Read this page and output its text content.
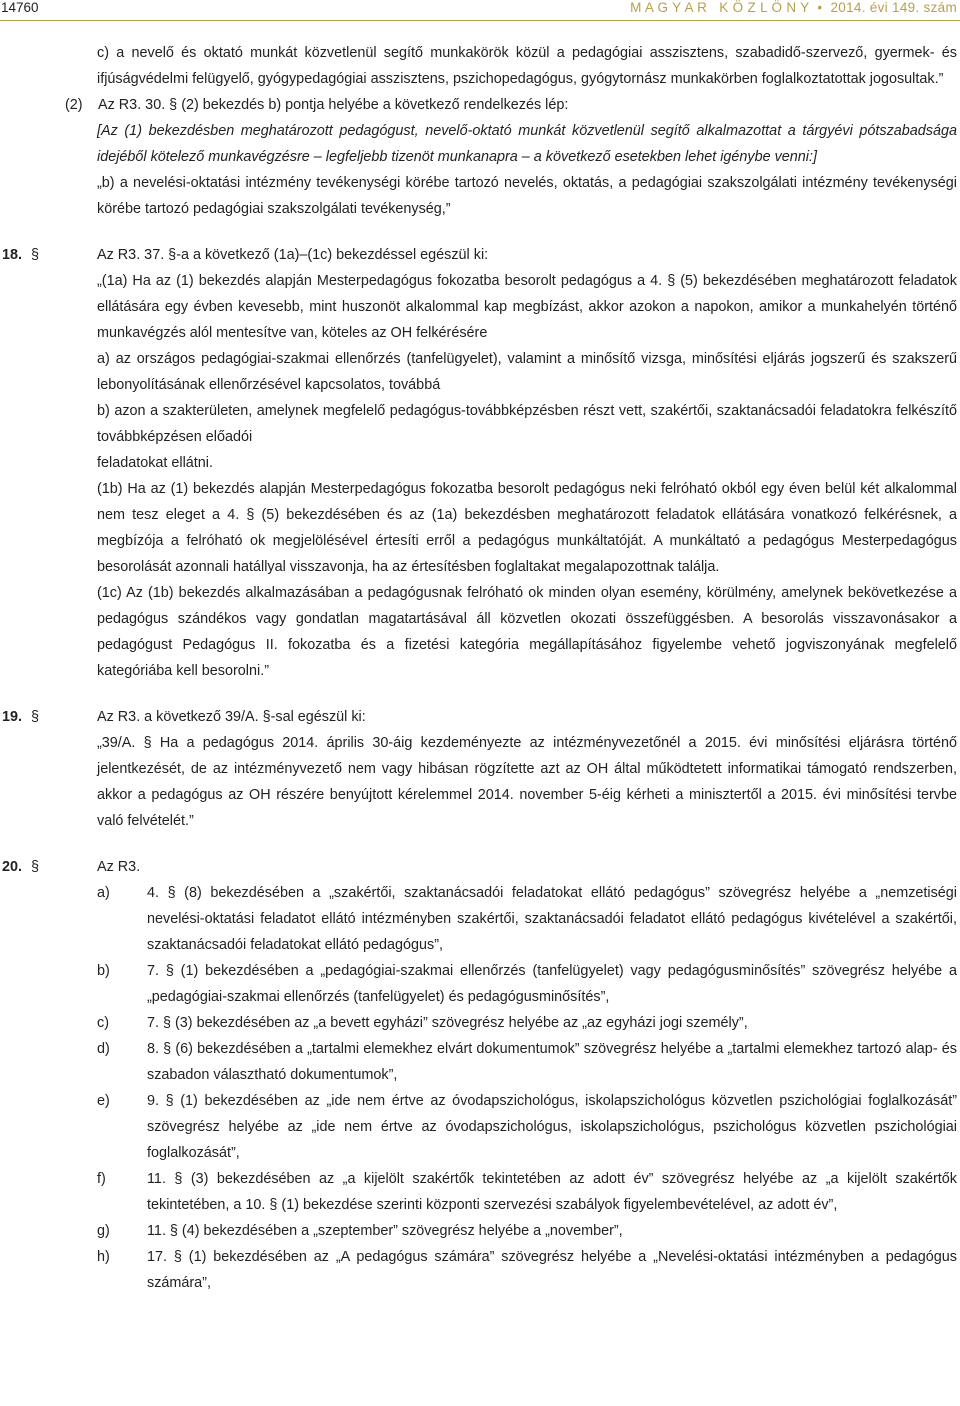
14760	M A G Y A R   K Ö Z L Ö N Y  •  2014. évi 149. szám

c) a nevelő és oktató munkát közvetlenül segítő munkakörök közül a pedagógiai asszisztens, szabadidő-szervező, gyermek- és ifjúságvédelmi felügyelő, gyógypedagógiai asszisztens, pszichopedagógus, gyógytornász munkakörben foglalkoztatottak jogosultak.”

(2)	Az R3. 30. § (2) bekezdés b) pontja helyébe a következő rendelkezés lép:

[Az (1) bekezdésben meghatározott pedagógust, nevelő-oktató munkát közvetlenül segítő alkalmazottat a tárgyévi pótszabadsága idejéből kötelező munkavégzésre – legfeljebb tizenöt munkanapra – a következő esetekben lehet igénybe venni:]

„b) a nevelési-oktatási intézmény tevékenységi körébe tartozó nevelés, oktatás, a pedagógiai szakszolgálati intézmény tevékenységi körébe tartozó pedagógiai szakszolgálati tevékenység,”

18. §	Az R3. 37. §-a a következő (1a)–(1c) bekezdéssel egészül ki:

„(1a) Ha az (1) bekezdés alapján Mesterpedagógus fokozatba besorolt pedagógus a 4. § (5) bekezdésében meghatározott feladatok ellátására egy évben kevesebb, mint huszonöt alkalommal kap megbízást, akkor azokon a napokon, amikor a munkahelyén történő munkavégzés alól mentesítve van, köteles az OH felkérésére

a) az országos pedagógiai-szakmai ellenőrzés (tanfelügyelet), valamint a minősítő vizsga, minősítési eljárás jogszerű és szakszerű lebonyolításának ellenőrzésével kapcsolatos, továbbá

b) azon a szakterületen, amelynek megfelelő pedagógus-továbbképzésben részt vett, szakértői, szaktanácsadói feladatokra felkészítő továbbképzésen előadói

feladatokat ellátni.

(1b) Ha az (1) bekezdés alapján Mesterpedagógus fokozatba besorolt pedagógus neki felróható okból egy éven belül két alkalommal nem tesz eleget a 4. § (5) bekezdésében és az (1a) bekezdésben meghatározott feladatok ellátására vonatkozó felkérésnek, a megbízója a felróható ok megjelölésével értesíti erről a pedagógus munkáltatóját. A munkáltató a pedagógus Mesterpedagógus besorolását azonnali hatállyal visszavonja, ha az értesítésben foglaltakat megalapozottnak találja.

(1c) Az (1b) bekezdés alkalmazásában a pedagógusnak felróható ok minden olyan esemény, körülmény, amelynek bekövetkezése a pedagógus szándékos vagy gondatlan magatartásával áll közvetlen okozati összefüggésben. A besorolás visszavonásakor a pedagógust Pedagógus II. fokozatba és a fizetési kategória megállapításához figyelembe vehető jogviszonyának megfelelő kategóriába kell besorolni.”

19. §	Az R3. a következő 39/A. §-sal egészül ki:

„39/A. § Ha a pedagógus 2014. április 30-áig kezdeményezte az intézményvezetőnél a 2015. évi minősítési eljárásra történő jelentkezését, de az intézményvezető nem vagy hibásan rögzítette azt az OH által működtetett informatikai támogató rendszerben, akkor a pedagógus az OH részére benyújtott kérelemmel 2014. november 5-éig kérheti a minisztertől a 2015. évi minősítési tervbe való felvételét.”

20. §	Az R3.

a)	4. § (8) bekezdésében a „szakértői, szaktanácsadói feladatokat ellátó pedagógus” szövegrész helyébe a „nemzetiségi nevelési-oktatási feladatot ellátó intézményben szakértői, szaktanácsadói feladatot ellátó pedagógus kivételével a szakértői, szaktanácsadói feladatokat ellátó pedagógus”,
b)	7. § (1) bekezdésében a „pedagógiai-szakmai ellenőrzés (tanfelügyelet) vagy pedagógusminősítés” szövegrész helyébe a „pedagógiai-szakmai ellenőrzés (tanfelügyelet) és pedagógusminősítés”,
c)	7. § (3) bekezdésében az „a bevett egyházi” szövegrész helyébe az „az egyházi jogi személy”,
d)	8. § (6) bekezdésében a „tartalmi elemekhez elvárt dokumentumok” szövegrész helyébe a „tartalmi elemekhez tartozó alap- és szabadon választható dokumentumok”,
e)	9. § (1) bekezdésében az „ide nem értve az óvodapszichológus, iskolapszichológus közvetlen pszichológiai foglalkozását” szövegrész helyébe az „ide nem értve az óvodapszichológus, iskolapszichológus, pszichológus közvetlen pszichológiai foglalkozását”,
f)	11. § (3) bekezdésében az „a kijelölt szakértők tekintetében az adott év” szövegrész helyébe az „a kijelölt szakértők tekintetében, a 10. § (1) bekezdése szerinti központi szervezési szabályok figyelembevételével, az adott év”,
g)	11. § (4) bekezdésében a „szeptember” szövegrész helyébe a „november”,
h)	17. § (1) bekezdésében az „A pedagógus számára” szövegrész helyébe a „Nevelési-oktatási intézményben a pedagógus számára”,
